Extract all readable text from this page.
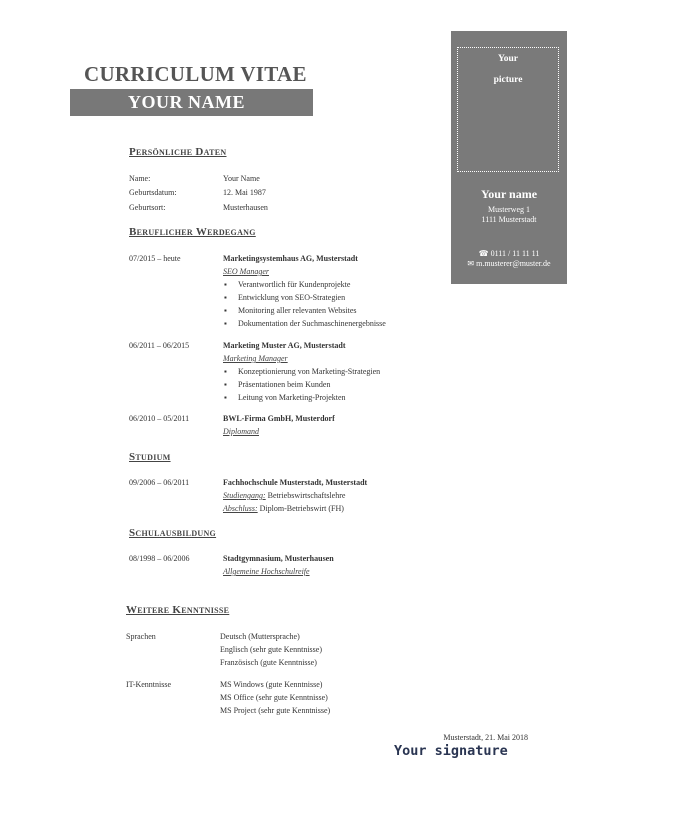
CURRICULUM VITAE
YOUR NAME
Your
picture
Your name
Musterweg 1
1111 Musterstadt
☎ 0111 / 11 11 11
✉ m.musterer@muster.de
Persönliche Daten
Name:	Your Name
Geburtsdatum:	12. Mai 1987
Geburtsort:	Musterhausen
Beruflicher Werdegang
07/2015 – heute	Marketingsystemhaus AG, Musterstadt
SEO Manager
▪ Verantwortlich für Kundenprojekte
▪ Entwicklung von SEO-Strategien
▪ Monitoring aller relevanten Websites
▪ Dokumentation der Suchmaschinenergebnisse
06/2011 – 06/2015	Marketing Muster AG, Musterstadt
Marketing Manager
▪ Konzeptionierung von Marketing-Strategien
▪ Präsentationen beim Kunden
▪ Leitung von Marketing-Projekten
06/2010 – 05/2011	BWL-Firma GmbH, Musterdorf
Diplomand
Studium
09/2006 – 06/2011	Fachhochschule Musterstadt, Musterstadt
Studiengang: Betriebswirtschaftslehre
Abschluss: Diplom-Betriebswirt (FH)
Schulausbildung
08/1998 – 06/2006	Stadtgymnasium, Musterhausen
Allgemeine Hochschulreife
Weitere Kenntnisse
Sprachen	Deutsch (Muttersprache)
Englisch (sehr gute Kenntnisse)
Französisch (gute Kenntnisse)
IT-Kenntnisse	MS Windows (gute Kenntnisse)
MS Office (sehr gute Kenntnisse)
MS Project (sehr gute Kenntnisse)
Musterstadt, 21. Mai 2018
Your signature
